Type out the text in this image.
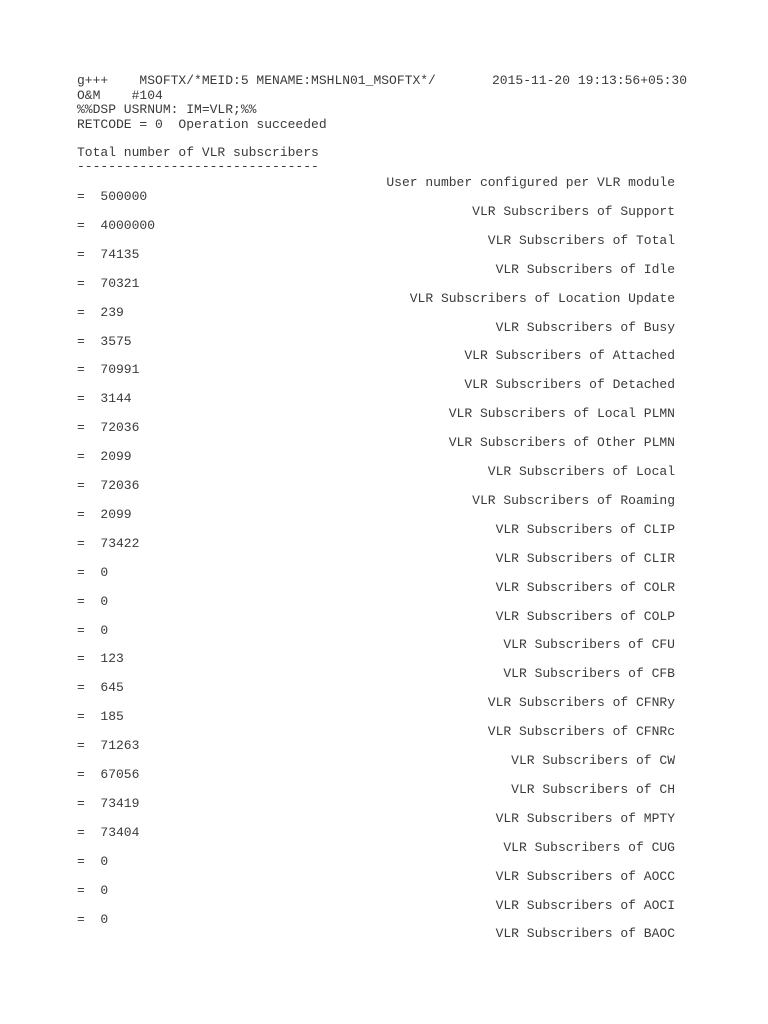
g+++    MSOFTX/*MEID:5 MENAME:MSHLN01_MSOFTX*/	2015-11-20 19:13:56+05:30
O&M    #104
%%DSP USRNUM: IM=VLR;%%
RETCODE = 0  Operation succeeded
Total number of VLR subscribers
-------------------------------
User number configured per VLR module
=  500000
VLR Subscribers of Support
=  4000000
VLR Subscribers of Total
=  74135
VLR Subscribers of Idle
=  70321
VLR Subscribers of Location Update
=  239
VLR Subscribers of Busy
=  3575
VLR Subscribers of Attached
=  70991
VLR Subscribers of Detached
=  3144
VLR Subscribers of Local PLMN
=  72036
VLR Subscribers of Other PLMN
=  2099
VLR Subscribers of Local
=  72036
VLR Subscribers of Roaming
=  2099
VLR Subscribers of CLIP
=  73422
VLR Subscribers of CLIR
=  0
VLR Subscribers of COLR
=  0
VLR Subscribers of COLP
=  0
VLR Subscribers of CFU
=  123
VLR Subscribers of CFB
=  645
VLR Subscribers of CFNRy
=  185
VLR Subscribers of CFNRc
=  71263
VLR Subscribers of CW
=  67056
VLR Subscribers of CH
=  73419
VLR Subscribers of MPTY
=  73404
VLR Subscribers of CUG
=  0
VLR Subscribers of AOCC
=  0
VLR Subscribers of AOCI
=  0
VLR Subscribers of BAOC
